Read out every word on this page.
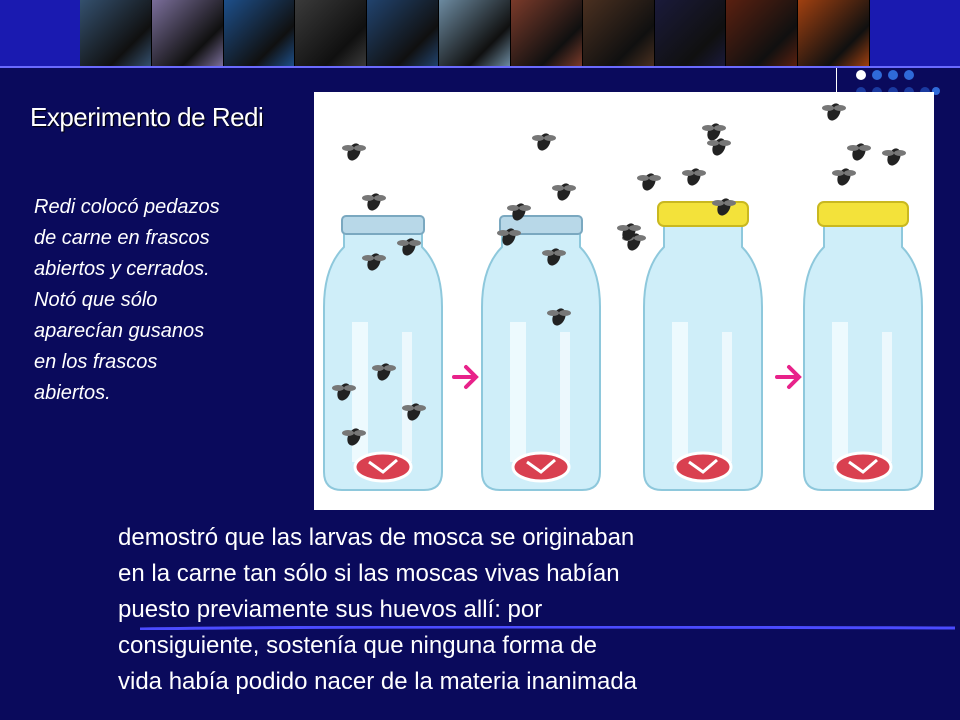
Experimento de Redi
Redi colocó pedazos
de carne en frascos
abiertos y cerrados.
Notó que sólo
aparecían gusanos
en los frascos
abiertos.
demostró que las larvas de mosca se originaban
en la carne tan sólo si las moscas vivas habían
puesto previamente sus huevos allí: por
consiguiente, sostenía que ninguna forma de
vida había podido nacer de la materia inanimada
